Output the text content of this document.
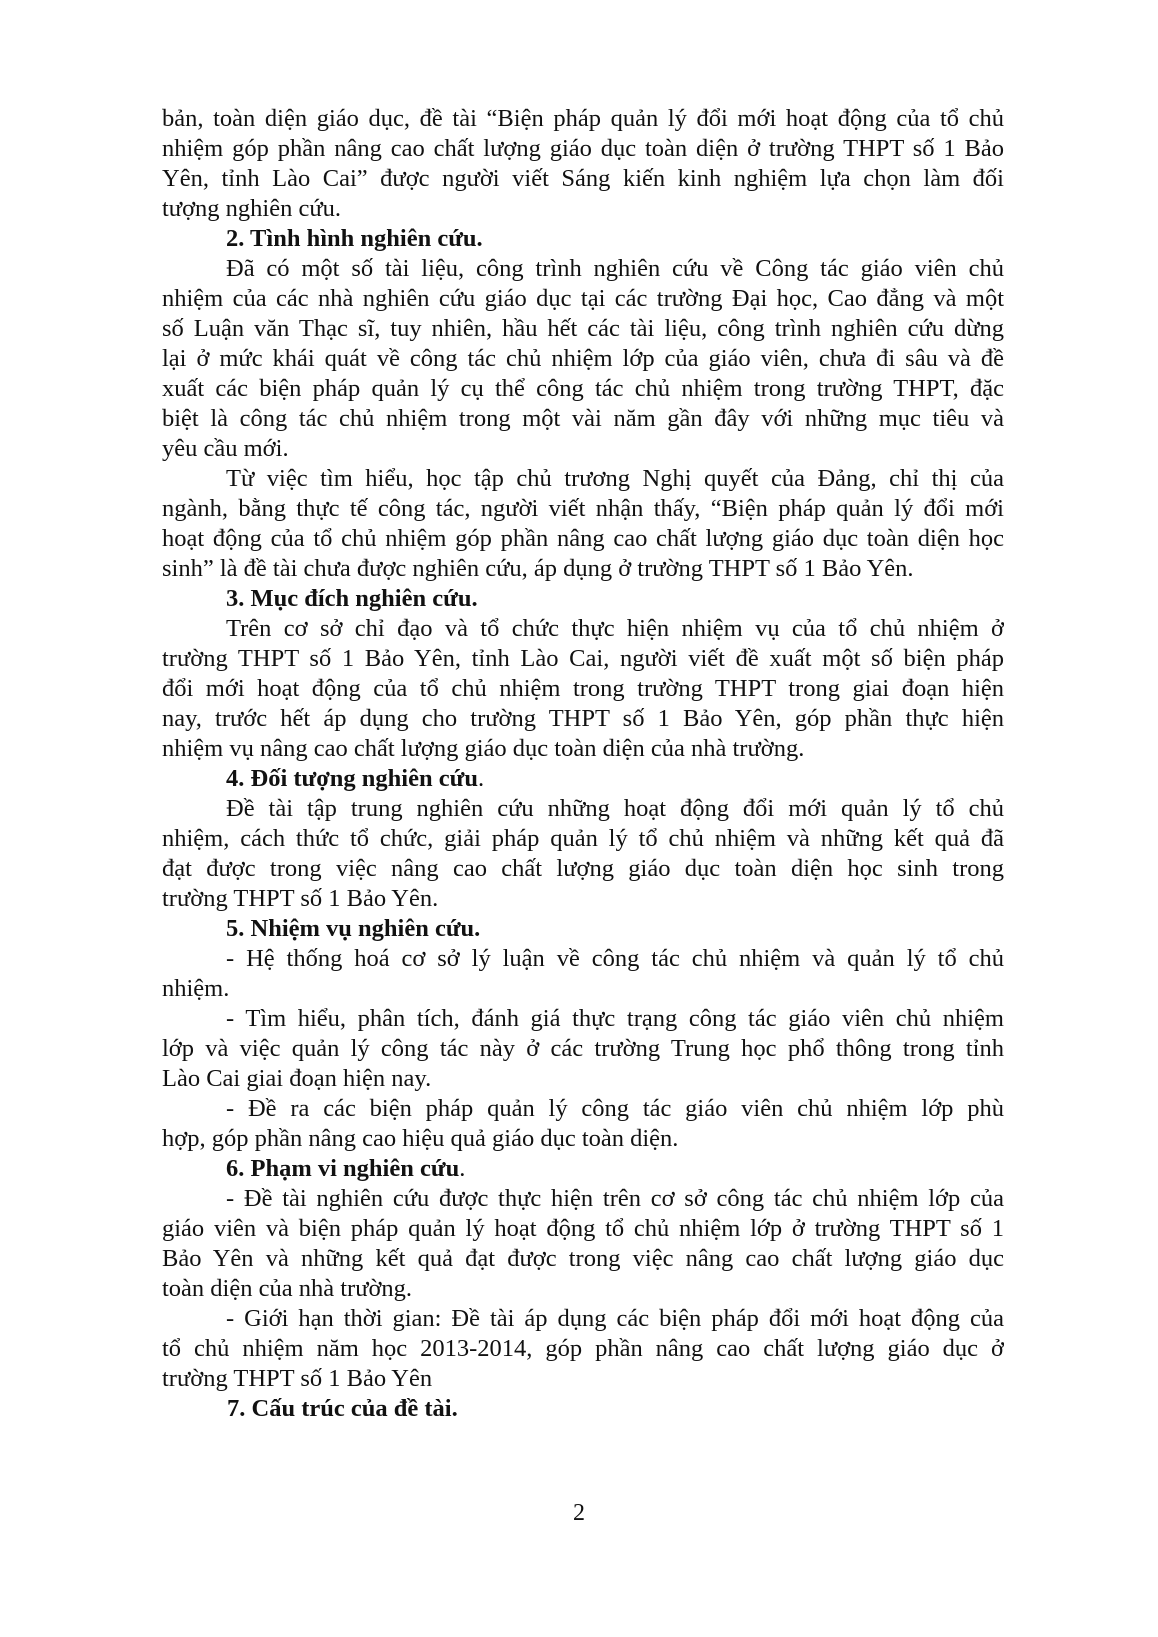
bản, toàn diện giáo dục, đề tài “Biện pháp quản lý đổi mới hoạt động của tổ chủ
nhiệm góp phần nâng cao chất lượng giáo dục toàn diện ở trường THPT số 1 Bảo
Yên, tỉnh Lào Cai” được người viết Sáng kiến kinh nghiệm lựa chọn làm đối
tượng nghiên cứu.
2. Tình hình nghiên cứu.
Đã có một số tài liệu, công trình nghiên cứu về Công tác giáo viên chủ
nhiệm của các nhà nghiên cứu giáo dục tại các trường Đại học, Cao đẳng và một
số Luận văn Thạc sĩ, tuy nhiên, hầu hết các tài liệu, công trình nghiên cứu dừng
lại ở mức khái quát về công tác chủ nhiệm lớp của giáo viên, chưa đi sâu và đề
xuất các biện pháp quản lý cụ thể công tác chủ nhiệm trong trường THPT, đặc
biệt là công tác chủ nhiệm trong một vài năm gần đây với những mục tiêu và
yêu cầu mới.
Từ việc tìm hiểu, học tập chủ trương Nghị quyết của Đảng, chỉ thị của
ngành, bằng thực tế công tác, người viết nhận thấy, “Biện pháp quản lý đổi mới
hoạt động của tổ chủ nhiệm góp phần nâng cao chất lượng giáo dục toàn diện học
sinh” là đề tài chưa được nghiên cứu, áp dụng ở trường THPT số 1 Bảo Yên.
3. Mục đích nghiên cứu.
Trên cơ sở chỉ đạo và tổ chức thực hiện nhiệm vụ của tổ chủ nhiệm ở
trường THPT số 1 Bảo Yên, tỉnh Lào Cai, người viết đề xuất một số biện pháp
đổi mới hoạt động của tổ chủ nhiệm trong trường THPT trong giai đoạn hiện
nay, trước hết áp dụng cho trường THPT số 1 Bảo Yên, góp phần thực hiện
nhiệm vụ nâng cao chất lượng giáo dục toàn diện của nhà trường.
4. Đối tượng nghiên cứu.
Đề tài tập trung nghiên cứu những hoạt động đổi mới quản lý tổ chủ
nhiệm, cách thức tổ chức, giải pháp quản lý tổ chủ nhiệm và những kết quả đã
đạt được trong việc nâng cao chất lượng giáo dục toàn diện học sinh trong
trường THPT số 1 Bảo Yên.
5. Nhiệm vụ nghiên cứu.
- Hệ thống hoá cơ sở lý luận về công tác chủ nhiệm và quản lý tổ chủ
nhiệm.
- Tìm hiểu, phân tích, đánh giá thực trạng công tác giáo viên chủ nhiệm
lớp và việc quản lý công tác này ở các trường Trung học phổ thông trong tỉnh
Lào Cai giai đoạn hiện nay.
- Đề ra các biện pháp quản lý công tác giáo viên chủ nhiệm lớp phù
hợp, góp phần nâng cao hiệu quả giáo dục toàn diện.
6. Phạm vi nghiên cứu.
- Đề tài nghiên cứu được thực hiện trên cơ sở công tác chủ nhiệm lớp của
giáo viên và biện pháp quản lý hoạt động tổ chủ nhiệm lớp ở trường THPT số 1
Bảo Yên và những kết quả đạt được trong việc nâng cao chất lượng giáo dục
toàn diện của nhà trường.
- Giới hạn thời gian: Đề tài áp dụng các biện pháp đổi mới hoạt động của
tổ chủ nhiệm năm học 2013-2014, góp phần nâng cao chất lượng giáo dục ở
trường THPT số 1 Bảo Yên
7. Cấu trúc của đề tài.
2
